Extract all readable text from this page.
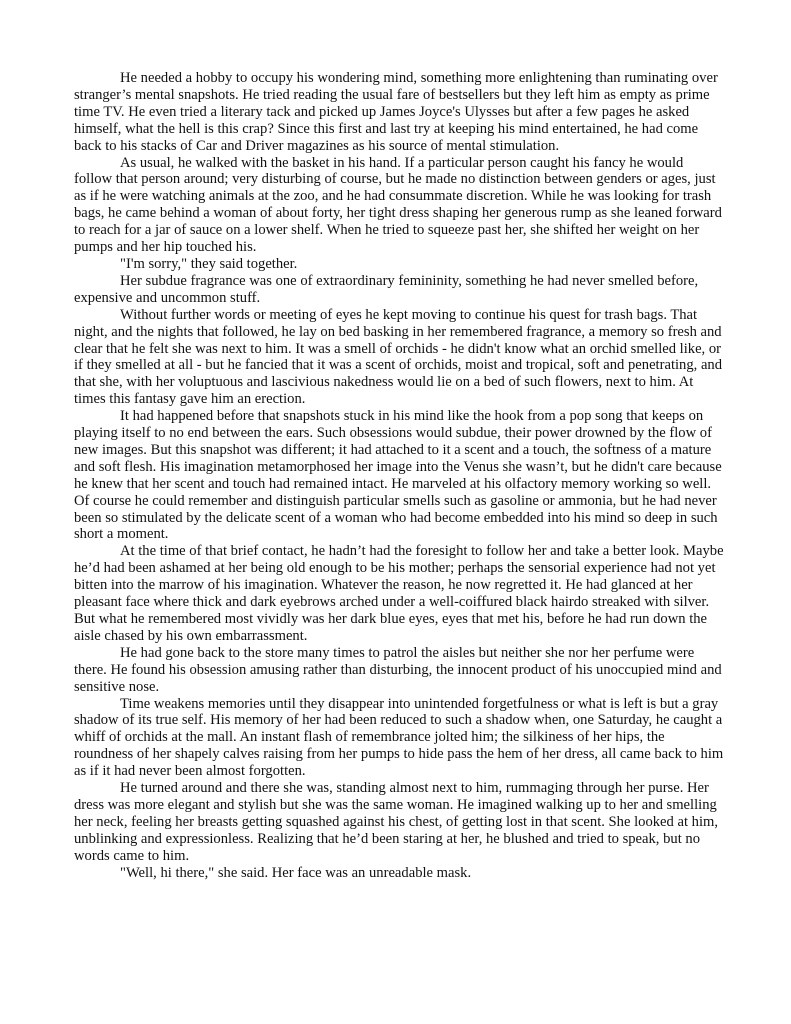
He needed a hobby to occupy his wondering mind, something more enlightening than ruminating over stranger’s mental snapshots. He tried reading the usual fare of bestsellers but they left him as empty as prime time TV. He even tried a literary tack and picked up James Joyce's Ulysses but after a few pages he asked himself, what the hell is this crap? Since this first and last try at keeping his mind entertained, he had come back to his stacks of Car and Driver magazines as his source of mental stimulation.

As usual, he walked with the basket in his hand. If a particular person caught his fancy he would follow that person around; very disturbing of course, but he made no distinction between genders or ages, just as if he were watching animals at the zoo, and he had consummate discretion. While he was looking for trash bags, he came behind a woman of about forty, her tight dress shaping her generous rump as she leaned forward to reach for a jar of sauce on a lower shelf. When he tried to squeeze past her, she shifted her weight on her pumps and her hip touched his.

"I'm sorry," they said together.

Her subdue fragrance was one of extraordinary femininity, something he had never smelled before, expensive and uncommon stuff.

Without further words or meeting of eyes he kept moving to continue his quest for trash bags. That night, and the nights that followed, he lay on bed basking in her remembered fragrance, a memory so fresh and clear that he felt she was next to him. It was a smell of orchids - he didn't know what an orchid smelled like, or if they smelled at all - but he fancied that it was a scent of orchids, moist and tropical, soft and penetrating, and that she, with her voluptuous and lascivious nakedness would lie on a bed of such flowers, next to him. At times this fantasy gave him an erection.

It had happened before that snapshots stuck in his mind like the hook from a pop song that keeps on playing itself to no end between the ears. Such obsessions would subdue, their power drowned by the flow of new images. But this snapshot was different; it had attached to it a scent and a touch, the softness of a mature and soft flesh. His imagination metamorphosed her image into the Venus she wasn’t, but he didn't care because he knew that her scent and touch had remained intact. He marveled at his olfactory memory working so well. Of course he could remember and distinguish particular smells such as gasoline or ammonia, but he had never been so stimulated by the delicate scent of a woman who had become embedded into his mind so deep in such short a moment.

At the time of that brief contact, he hadn’t had the foresight to follow her and take a better look. Maybe he’d had been ashamed at her being old enough to be his mother; perhaps the sensorial experience had not yet bitten into the marrow of his imagination. Whatever the reason, he now regretted it. He had glanced at her pleasant face where thick and dark eyebrows arched under a well-coiffured black hairdo streaked with silver. But what he remembered most vividly was her dark blue eyes, eyes that met his, before he had run down the aisle chased by his own embarrassment.

He had gone back to the store many times to patrol the aisles but neither she nor her perfume were there. He found his obsession amusing rather than disturbing, the innocent product of his unoccupied mind and sensitive nose.

Time weakens memories until they disappear into unintended forgetfulness or what is left is but a gray shadow of its true self. His memory of her had been reduced to such a shadow when, one Saturday, he caught a whiff of orchids at the mall. An instant flash of remembrance jolted him; the silkiness of her hips, the roundness of her shapely calves raising from her pumps to hide pass the hem of her dress, all came back to him as if it had never been almost forgotten.

He turned around and there she was, standing almost next to him, rummaging through her purse. Her dress was more elegant and stylish but she was the same woman. He imagined walking up to her and smelling her neck, feeling her breasts getting squashed against his chest, of getting lost in that scent. She looked at him, unblinking and expressionless. Realizing that he’d been staring at her, he blushed and tried to speak, but no words came to him.

"Well, hi there," she said. Her face was an unreadable mask.
